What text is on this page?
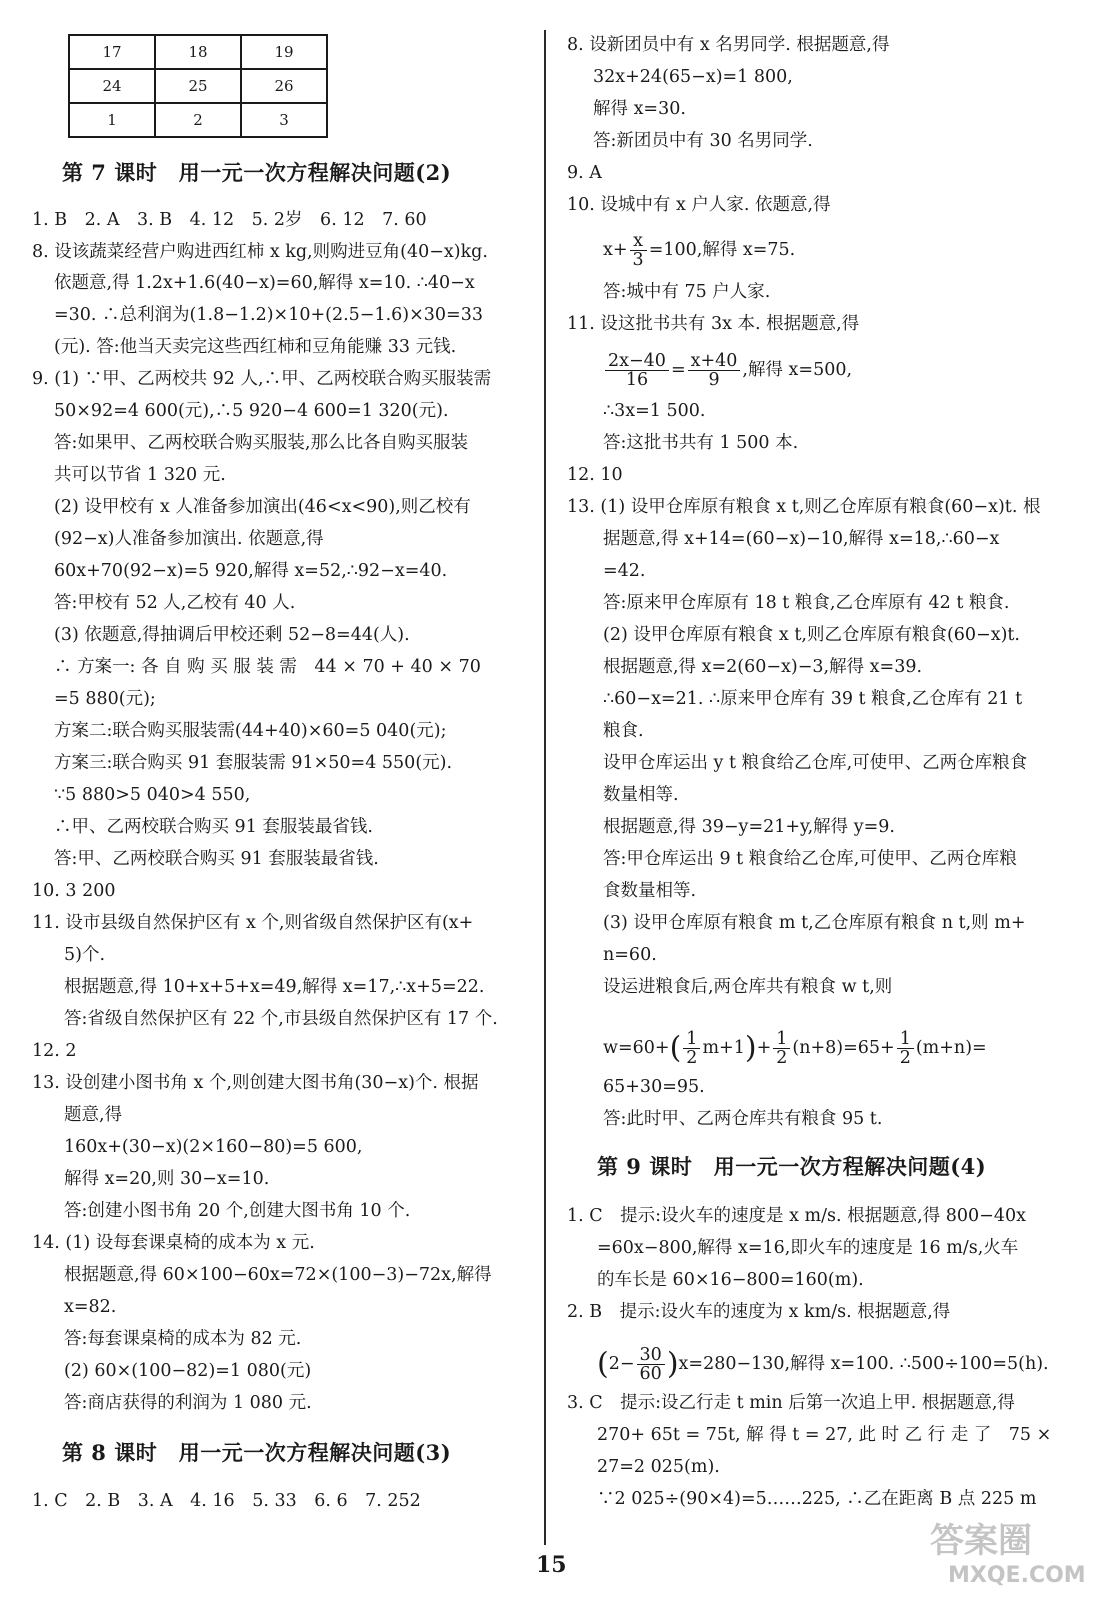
17	18	19
24	25	26
1	2	3
第 7 课时　用一元一次方程解决问题(2)
1. B　2. A　3. B　4. 12　5. 2岁　6. 12　7. 60
8. 设该蔬菜经营户购进西红柿 x kg,则购进豆角(40−x)kg.
依题意,得 1.2x+1.6(40−x)=60,解得 x=10. ∴40−x
=30. ∴总利润为(1.8−1.2)×10+(2.5−1.6)×30=33
(元). 答:他当天卖完这些西红柿和豆角能赚 33 元钱.
9. (1) ∵甲、乙两校共 92 人,∴甲、乙两校联合购买服装需
50×92=4 600(元),∴5 920−4 600=1 320(元).
答:如果甲、乙两校联合购买服装,那么比各自购买服装
共可以节省 1 320 元.
(2) 设甲校有 x 人准备参加演出(46<x<90),则乙校有
(92−x)人准备参加演出. 依题意,得
60x+70(92−x)=5 920,解得 x=52,∴92−x=40.
答:甲校有 52 人,乙校有 40 人.
(3) 依题意,得抽调后甲校还剩 52−8=44(人).
∴ 方案一: 各 自 购 买 服 装 需　44 × 70 + 40 × 70
=5 880(元);
方案二:联合购买服装需(44+40)×60=5 040(元);
方案三:联合购买 91 套服装需 91×50=4 550(元).
∵5 880>5 040>4 550,
∴甲、乙两校联合购买 91 套服装最省钱.
答:甲、乙两校联合购买 91 套服装最省钱.
10. 3 200
11. 设市县级自然保护区有 x 个,则省级自然保护区有(x+
5)个.
根据题意,得 10+x+5+x=49,解得 x=17,∴x+5=22.
答:省级自然保护区有 22 个,市县级自然保护区有 17 个.
12. 2
13. 设创建小图书角 x 个,则创建大图书角(30−x)个. 根据
题意,得
160x+(30−x)(2×160−80)=5 600,
解得 x=20,则 30−x=10.
答:创建小图书角 20 个,创建大图书角 10 个.
14. (1) 设每套课桌椅的成本为 x 元.
根据题意,得 60×100−60x=72×(100−3)−72x,解得
x=82.
答:每套课桌椅的成本为 82 元.
(2) 60×(100−82)=1 080(元)
答:商店获得的利润为 1 080 元.
第 8 课时　用一元一次方程解决问题(3)
1. C　2. B　3. A　4. 16　5. 33　6. 6　7. 252
8. 设新团员中有 x 名男同学. 根据题意,得
32x+24(65−x)=1 800,
解得 x=30.
答:新团员中有 30 名男同学.
9. A
10. 设城中有 x 户人家. 依题意,得
$x+ \frac{x}{3} =100$,解得 x=75.
答:城中有 75 户人家.
11. 设这批书共有 3x 本. 根据题意,得
$\frac{2x-40}{16} = \frac{x+40}{9}$ ,解得 x=500,
∴3x=1 500.
答:这批书共有 1 500 本.
12. 10
13. (1) 设甲仓库原有粮食 x t,则乙仓库原有粮食(60−x)t. 根
据题意,得 x+14=(60−x)−10,解得 x=18,∴60−x
=42.
答:原来甲仓库原有 18 t 粮食,乙仓库原有 42 t 粮食.
(2) 设甲仓库原有粮食 x t,则乙仓库原有粮食(60−x)t.
根据题意,得 x=2(60−x)−3,解得 x=39.
∴60−x=21. ∴原来甲仓库有 39 t 粮食,乙仓库有 21 t
粮食.
设甲仓库运出 y t 粮食给乙仓库,可使甲、乙两仓库粮食
数量相等.
根据题意,得 39−y=21+y,解得 y=9.
答:甲仓库运出 9 t 粮食给乙仓库,可使甲、乙两仓库粮
食数量相等.
(3) 设甲仓库原有粮食 m t,乙仓库原有粮食 n t,则 m+
n=60.
设运进粮食后,两仓库共有粮食 w t,则
$w=60+( \frac{1}{2} m+1)+ \frac{1}{2} (n+8)=65+ \frac{1}{2} (m+n)=$
65+30=95.
答:此时甲、乙两仓库共有粮食 95 t.
第 9 课时　用一元一次方程解决问题(4)
1. C　提示:设火车的速度是 x m/s. 根据题意,得 800−40x
=60x−800,解得 x=16,即火车的速度是 16 m/s,火车
的车长是 60×16−800=160(m).
2. B　提示:设火车的速度为 x km/s. 根据题意,得
$(2- \frac{30}{60} )x=280-130$,解得 x=100. ∴500÷100=5(h).
3. C　提示:设乙行走 t min 后第一次追上甲. 根据题意,得
270+ 65t = 75t, 解 得 t = 27, 此 时 乙 行 走 了　75 ×
27=2 025(m).
∵2 025÷(90×4)=5……225, ∴乙在距离 B 点 225 m
15
答案圈
MXQE.COM
